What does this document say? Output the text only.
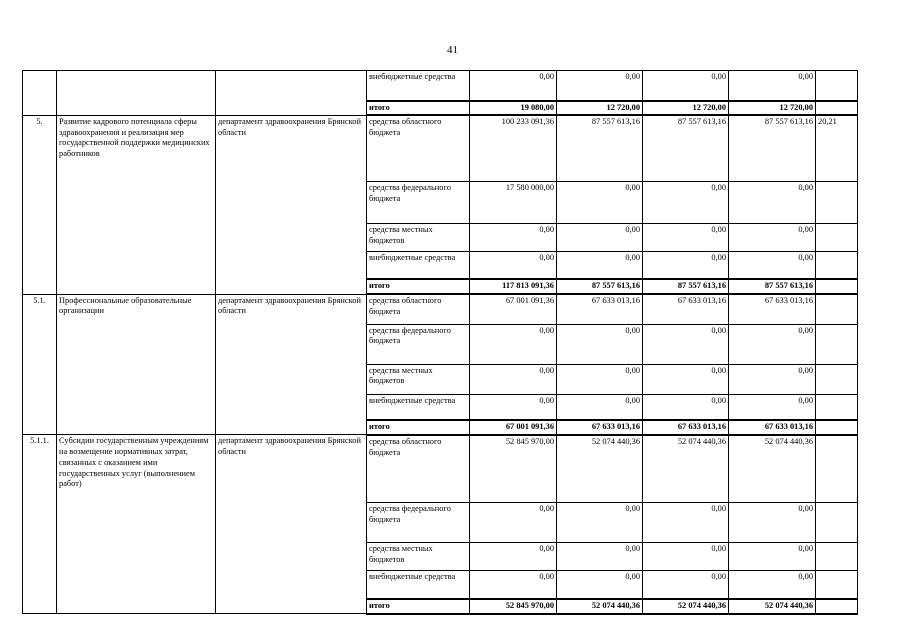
41
			внебюджетные средства	0,00	0,00	0,00	0,00	
			итого	19 080,00	12 720,00	12 720,00	12 720,00	
5.	Развитие кадрового потенциала сферы здравоохранения и реализация мер государственной поддержки медицинских работников	департамент здравоохранения Брянской области	средства областного бюджета	100 233 091,36	87 557 613,16	87 557 613,16	87 557 613,16	20,21
			средства федерального бюджета	17 580 000,00	0,00	0,00	0,00	
			средства местных бюджетов	0,00	0,00	0,00	0,00	
			внебюджетные средства	0,00	0,00	0,00	0,00	
			итого	117 813 091,36	87 557 613,16	87 557 613,16	87 557 613,16	
5.1.	Профессиональные образовательные организации	департамент здравоохранения Брянской области	средства областного бюджета	67 001 091,36	67 633 013,16	67 633 013,16	67 633 013,16	
			средства федерального бюджета	0,00	0,00	0,00	0,00	
			средства местных бюджетов	0,00	0,00	0,00	0,00	
			внебюджетные средства	0,00	0,00	0,00	0,00	
			итого	67 001 091,36	67 633 013,16	67 633 013,16	67 633 013,16	
5.1.1.	Субсидии государственным учреждениям на возмещение нормативных затрат, связанных с оказанием ими государственных услуг (выполнением работ)	департамент здравоохранения Брянской области	средства областного бюджета	52 845 970,00	52 074 440,36	52 074 440,36	52 074 440,36	
			средства федерального бюджета	0,00	0,00	0,00	0,00	
			средства местных бюджетов	0,00	0,00	0,00	0,00	
			внебюджетные средства	0,00	0,00	0,00	0,00	
			итого	52 845 970,00	52 074 440,36	52 074 440,36	52 074 440,36	
